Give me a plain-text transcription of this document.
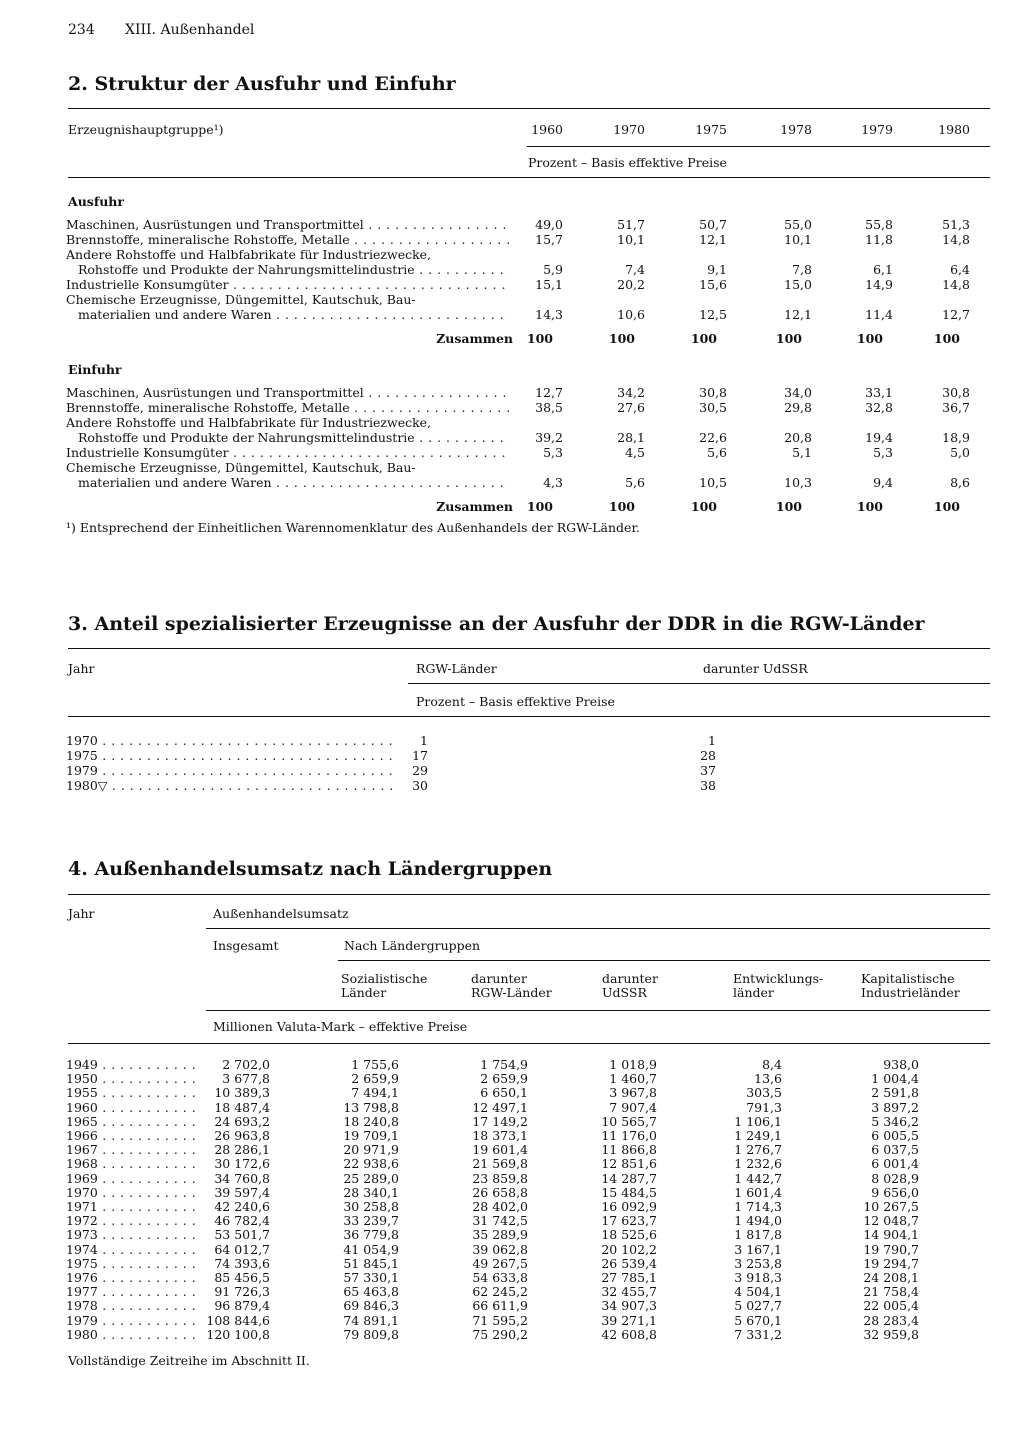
234 XIII. Außenhandel
2. Struktur der Ausfuhr und Einfuhr
Erzeugnishauptgruppe¹)	1960	1970	1975	1978	1979	1980
Prozent – Basis effektive Preise
Ausfuhr
Maschinen, Ausrüstungen und Transportmittel . . .	49,0	51,7	50,7	55,0	55,8	51,3
Brennstoffe, mineralische Rohstoffe, Metalle . . .	15,7	10,1	12,1	10,1	11,8	14,8
Andere Rohstoffe und Halbfabrikate für Industriezwecke,
Rohstoffe und Produkte der Nahrungsmittelindustrie . . .	5,9	7,4	9,1	7,8	6,1	6,4
Industrielle Konsumgüter . . .	15,1	20,2	15,6	15,0	14,9	14,8
Chemische Erzeugnisse, Düngemittel, Kautschuk, Bau-
materialien und andere Waren . . .	14,3	10,6	12,5	12,1	11,4	12,7
Zusammen 100	100	100	100	100	100
Einfuhr
Maschinen, Ausrüstungen und Transportmittel . . .	12,7	34,2	30,8	34,0	33,1	30,8
Brennstoffe, mineralische Rohstoffe, Metalle . . .	38,5	27,6	30,5	29,8	32,8	36,7
Andere Rohstoffe und Halbfabrikate für Industriezwecke,
Rohstoffe und Produkte der Nahrungsmittelindustrie . . .	39,2	28,1	22,6	20,8	19,4	18,9
Industrielle Konsumgüter . . .	5,3	4,5	5,6	5,1	5,3	5,0
Chemische Erzeugnisse, Düngemittel, Kautschuk, Bau-
materialien und andere Waren . . .	4,3	5,6	10,5	10,3	9,4	8,6
Zusammen 100	100	100	100	100	100
¹) Entsprechend der Einheitlichen Warennomenklatur des Außenhandels der RGW-Länder.
3. Anteil spezialisierter Erzeugnisse an der Ausfuhr der DDR in die RGW-Länder
Jahr	RGW-Länder	darunter UdSSR
Prozent – Basis effektive Preise
1970 . . .	1	1
1975 . . .	17	28
1979 . . .	29	37
1980▽ . . .	30	38
4. Außenhandelsumsatz nach Ländergruppen
Jahr	Außenhandelsumsatz
Insgesamt	Nach Ländergruppen
Sozialistische
Länder
darunter
RGW-Länder
darunter
UdSSR
Entwicklungs-
länder
Kapitalistische
Industrieländer
Millionen Valuta-Mark – effektive Preise
1949 . . .	2 702,0	1 755,6	1 754,9	1 018,9	8,4	938,0
1950 . . .	3 677,8	2 659,9	2 659,9	1 460,7	13,6	1 004,4
1955 . . .	10 389,3	7 494,1	6 650,1	3 967,8	303,5	2 591,8
1960 . . .	18 487,4	13 798,8	12 497,1	7 907,4	791,3	3 897,2
1965 . . .	24 693,2	18 240,8	17 149,2	10 565,7	1 106,1	5 346,2
1966 . . .	26 963,8	19 709,1	18 373,1	11 176,0	1 249,1	6 005,5
1967 . . .	28 286,1	20 971,9	19 601,4	11 866,8	1 276,7	6 037,5
1968 . . .	30 172,6	22 938,6	21 569,8	12 851,6	1 232,6	6 001,4
1969 . . .	34 760,8	25 289,0	23 859,8	14 287,7	1 442,7	8 028,9
1970 . . .	39 597,4	28 340,1	26 658,8	15 484,5	1 601,4	9 656,0
1971 . . .	42 240,6	30 258,8	28 402,0	16 092,9	1 714,3	10 267,5
1972 . . .	46 782,4	33 239,7	31 742,5	17 623,7	1 494,0	12 048,7
1973 . . .	53 501,7	36 779,8	35 289,9	18 525,6	1 817,8	14 904,1
1974 . . .	64 012,7	41 054,9	39 062,8	20 102,2	3 167,1	19 790,7
1975 . . .	74 393,6	51 845,1	49 267,5	26 539,4	3 253,8	19 294,7
1976 . . .	85 456,5	57 330,1	54 633,8	27 785,1	3 918,3	24 208,1
1977 . . .	91 726,3	65 463,8	62 245,2	32 455,7	4 504,1	21 758,4
1978 . . .	96 879,4	69 846,3	66 611,9	34 907,3	5 027,7	22 005,4
1979 . . .	108 844,6	74 891,1	71 595,2	39 271,1	5 670,1	28 283,4
1980 . . .	120 100,8	79 809,8	75 290,2	42 608,8	7 331,2	32 959,8
Vollständige Zeitreihe im Abschnitt II.
